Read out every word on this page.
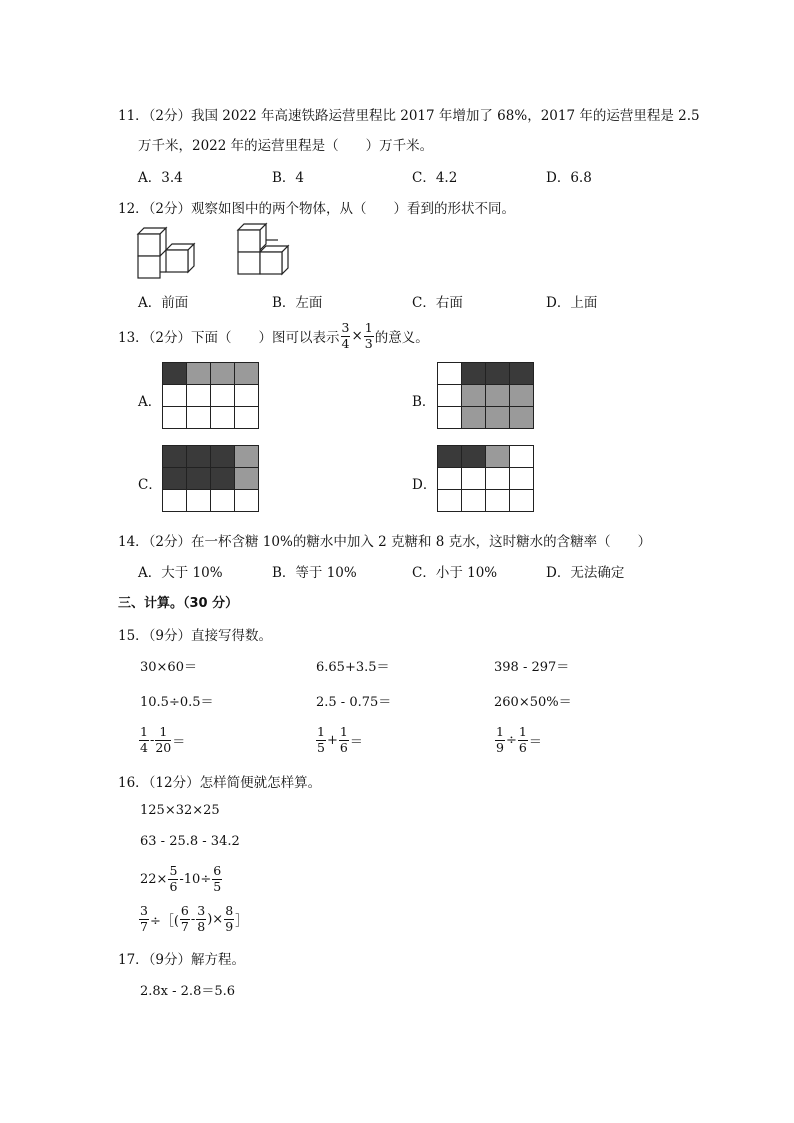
11．（2分）我国 2022 年高速铁路运营里程比 2017 年增加了 68%，2017 年的运营里程是 2.5
万千米，2022 年的运营里程是（　　）万千米。
A．3.4	B．4	C．4.2	D．6.8
12．（2分）观察如图中的两个物体，从（　　）看到的形状不同。
A．前面	B．左面	C．右面	D．上面
13．（2分）下面（　　）图可以表示 $\frac{3}{4} \times \frac{1}{3}$ 的意义。
A．	B．
C．	D．
14．（2分）在一杯含糖 10%的糖水中加入 2 克糖和 8 克水，这时糖水的含糖率（　　）
A．大于 10%	B．等于 10%	C．小于 10%	D．无法确定
三、计算。（30 分）
15．（9分）直接写得数。
30×60＝	6.65+3.5＝	398 - 297＝
10.5÷0.5＝	2.5 - 0.75＝	260×50%＝
$\frac{1}{4} - \frac{1}{20}$ ＝	$\frac{1}{5} + \frac{1}{6}$ ＝	$\frac{1}{9} \div \frac{1}{6}$ ＝
16．（12分）怎样简便就怎样算。
125×32×25
63 - 25.8 - 34.2
$22\times \frac{5}{6} -10\div \frac{6}{5}$
$\frac{3}{7}$ ÷［( $\frac{6}{7} - \frac{3}{8}$ )× $\frac{8}{9}$ ］
17．（9分）解方程。
2.8x - 2.8＝5.6
